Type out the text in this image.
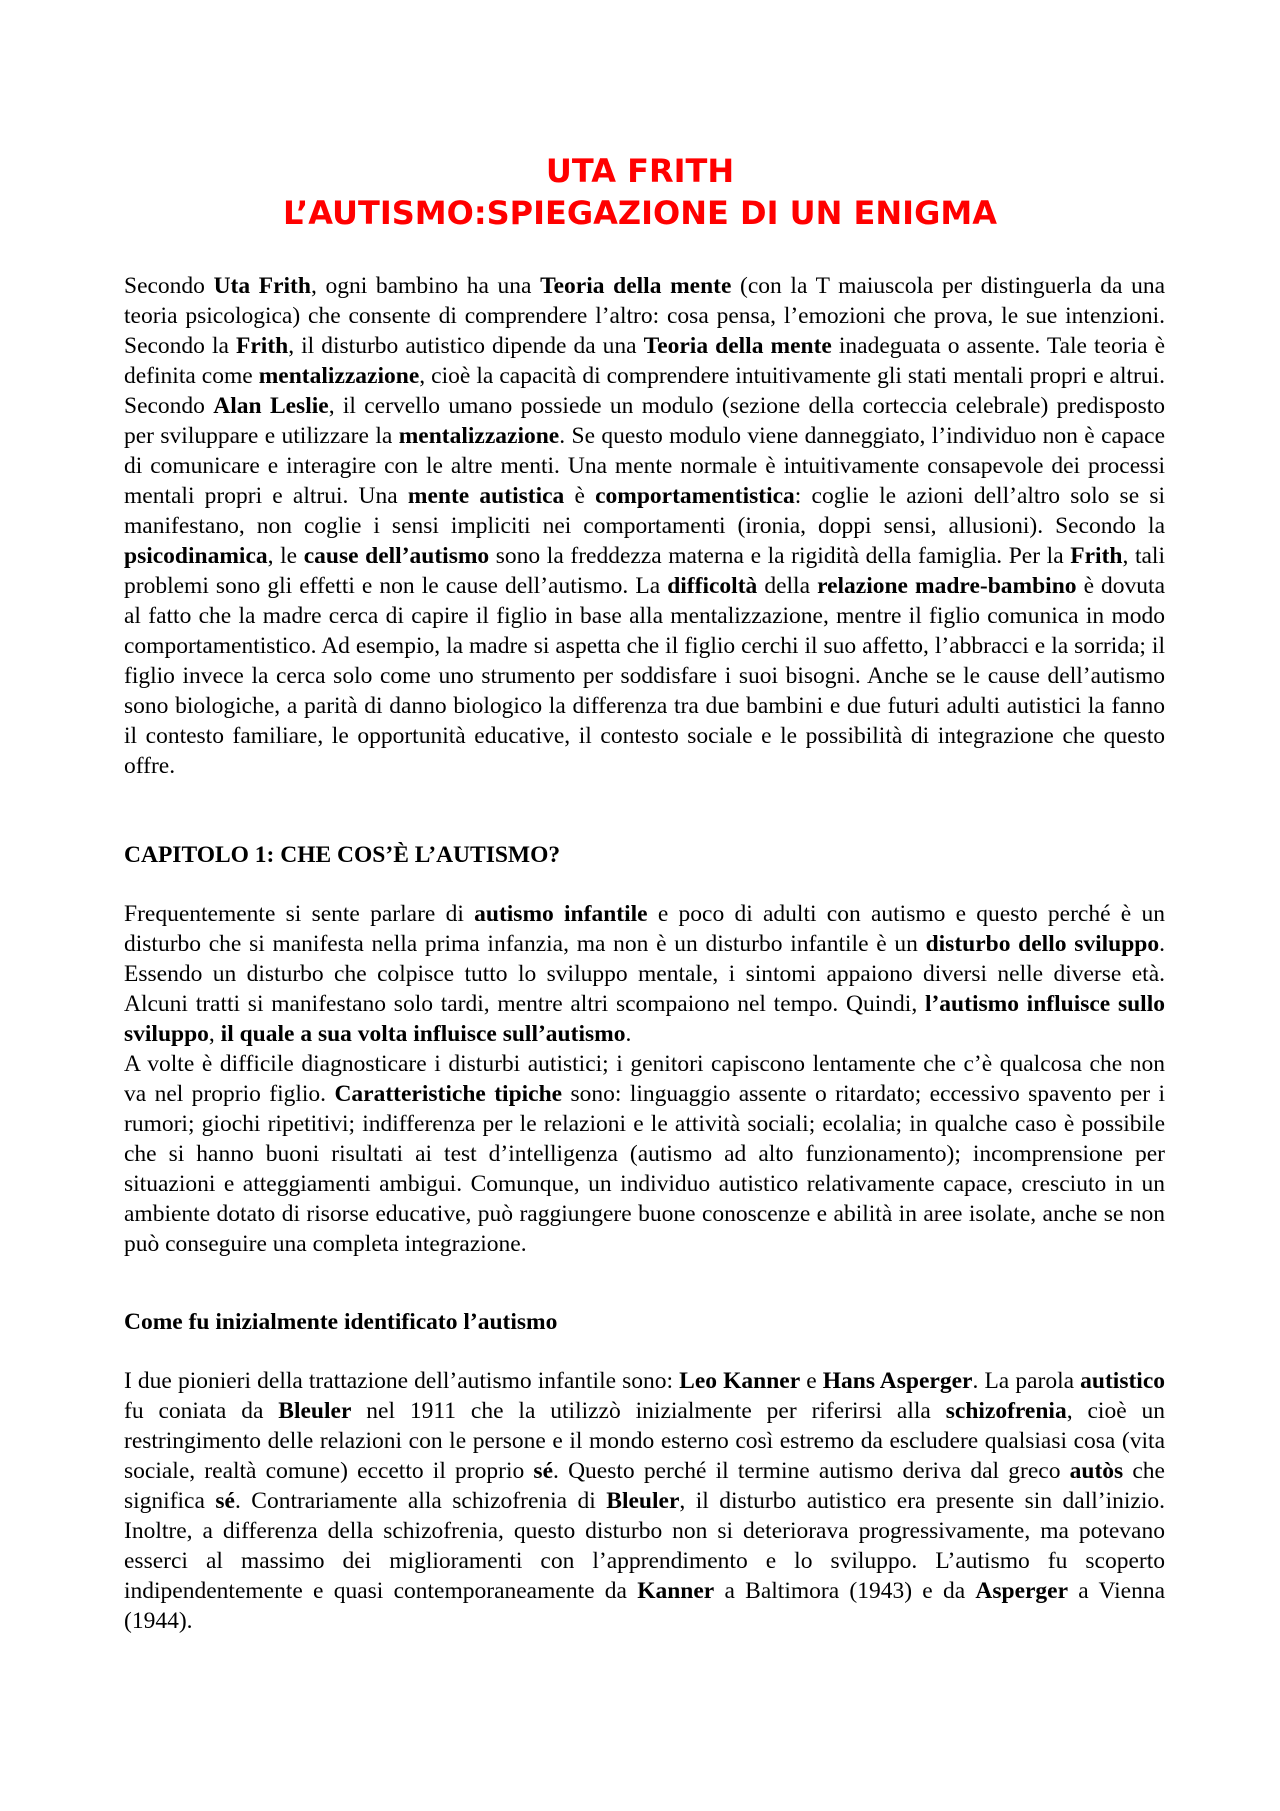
UTA FRITH
L’AUTISMO:SPIEGAZIONE DI UN ENIGMA

Secondo Uta Frith, ogni bambino ha una Teoria della mente (con la T maiuscola per distinguerla da una teoria psicologica) che consente di comprendere l’altro: cosa pensa, l’emozioni che prova, le sue intenzioni. Secondo la Frith, il disturbo autistico dipende da una Teoria della mente inadeguata o assente. Tale teoria è definita come mentalizzazione, cioè la capacità di comprendere intuitivamente gli stati mentali propri e altrui. Secondo Alan Leslie, il cervello umano possiede un modulo (sezione della corteccia celebrale) predisposto per sviluppare e utilizzare la mentalizzazione. Se questo modulo viene danneggiato, l’individuo non è capace di comunicare e interagire con le altre menti. Una mente normale è intuitivamente consapevole dei processi mentali propri e altrui. Una mente autistica è comportamentistica: coglie le azioni dell’altro solo se si manifestano, non coglie i sensi impliciti nei comportamenti (ironia, doppi sensi, allusioni). Secondo la psicodinamica, le cause dell’autismo sono la freddezza materna e la rigidità della famiglia. Per la Frith, tali problemi sono gli effetti e non le cause dell’autismo. La difficoltà della relazione madre-bambino è dovuta al fatto che la madre cerca di capire il figlio in base alla mentalizzazione, mentre il figlio comunica in modo comportamentistico. Ad esempio, la madre si aspetta che il figlio cerchi il suo affetto, l’abbracci e la sorrida; il figlio invece la cerca solo come uno strumento per soddisfare i suoi bisogni. Anche se le cause dell’autismo sono biologiche, a parità di danno biologico la differenza tra due bambini e due futuri adulti autistici la fanno il contesto familiare, le opportunità educative, il contesto sociale e le possibilità di integrazione che questo offre.

CAPITOLO 1: CHE COS’È L’AUTISMO?

Frequentemente si sente parlare di autismo infantile e poco di adulti con autismo e questo perché è un disturbo che si manifesta nella prima infanzia, ma non è un disturbo infantile è un disturbo dello sviluppo. Essendo un disturbo che colpisce tutto lo sviluppo mentale, i sintomi appaiono diversi nelle diverse età. Alcuni tratti si manifestano solo tardi, mentre altri scompaiono nel tempo. Quindi, l’autismo influisce sullo sviluppo, il quale a sua volta influisce sull’autismo.
A volte è difficile diagnosticare i disturbi autistici; i genitori capiscono lentamente che c’è qualcosa che non va nel proprio figlio. Caratteristiche tipiche sono: linguaggio assente o ritardato; eccessivo spavento per i rumori; giochi ripetitivi; indifferenza per le relazioni e le attività sociali; ecolalia; in qualche caso è possibile che si hanno buoni risultati ai test d’intelligenza (autismo ad alto funzionamento); incomprensione per situazioni e atteggiamenti ambigui. Comunque, un individuo autistico relativamente capace, cresciuto in un ambiente dotato di risorse educative, può raggiungere buone conoscenze e abilità in aree isolate, anche se non può conseguire una completa integrazione.

Come fu inizialmente identificato l’autismo

I due pionieri della trattazione dell’autismo infantile sono: Leo Kanner e Hans Asperger. La parola autistico fu coniata da Bleuler nel 1911 che la utilizzò inizialmente per riferirsi alla schizofrenia, cioè un restringimento delle relazioni con le persone e il mondo esterno così estremo da escludere qualsiasi cosa (vita sociale, realtà comune) eccetto il proprio sé. Questo perché il termine autismo deriva dal greco autòs che significa sé. Contrariamente alla schizofrenia di Bleuler, il disturbo autistico era presente sin dall’inizio. Inoltre, a differenza della schizofrenia, questo disturbo non si deteriorava progressivamente, ma potevano esserci al massimo dei miglioramenti con l’apprendimento e lo sviluppo. L’autismo fu scoperto indipendentemente e quasi contemporaneamente da Kanner a Baltimora (1943) e da Asperger a Vienna (1944).
